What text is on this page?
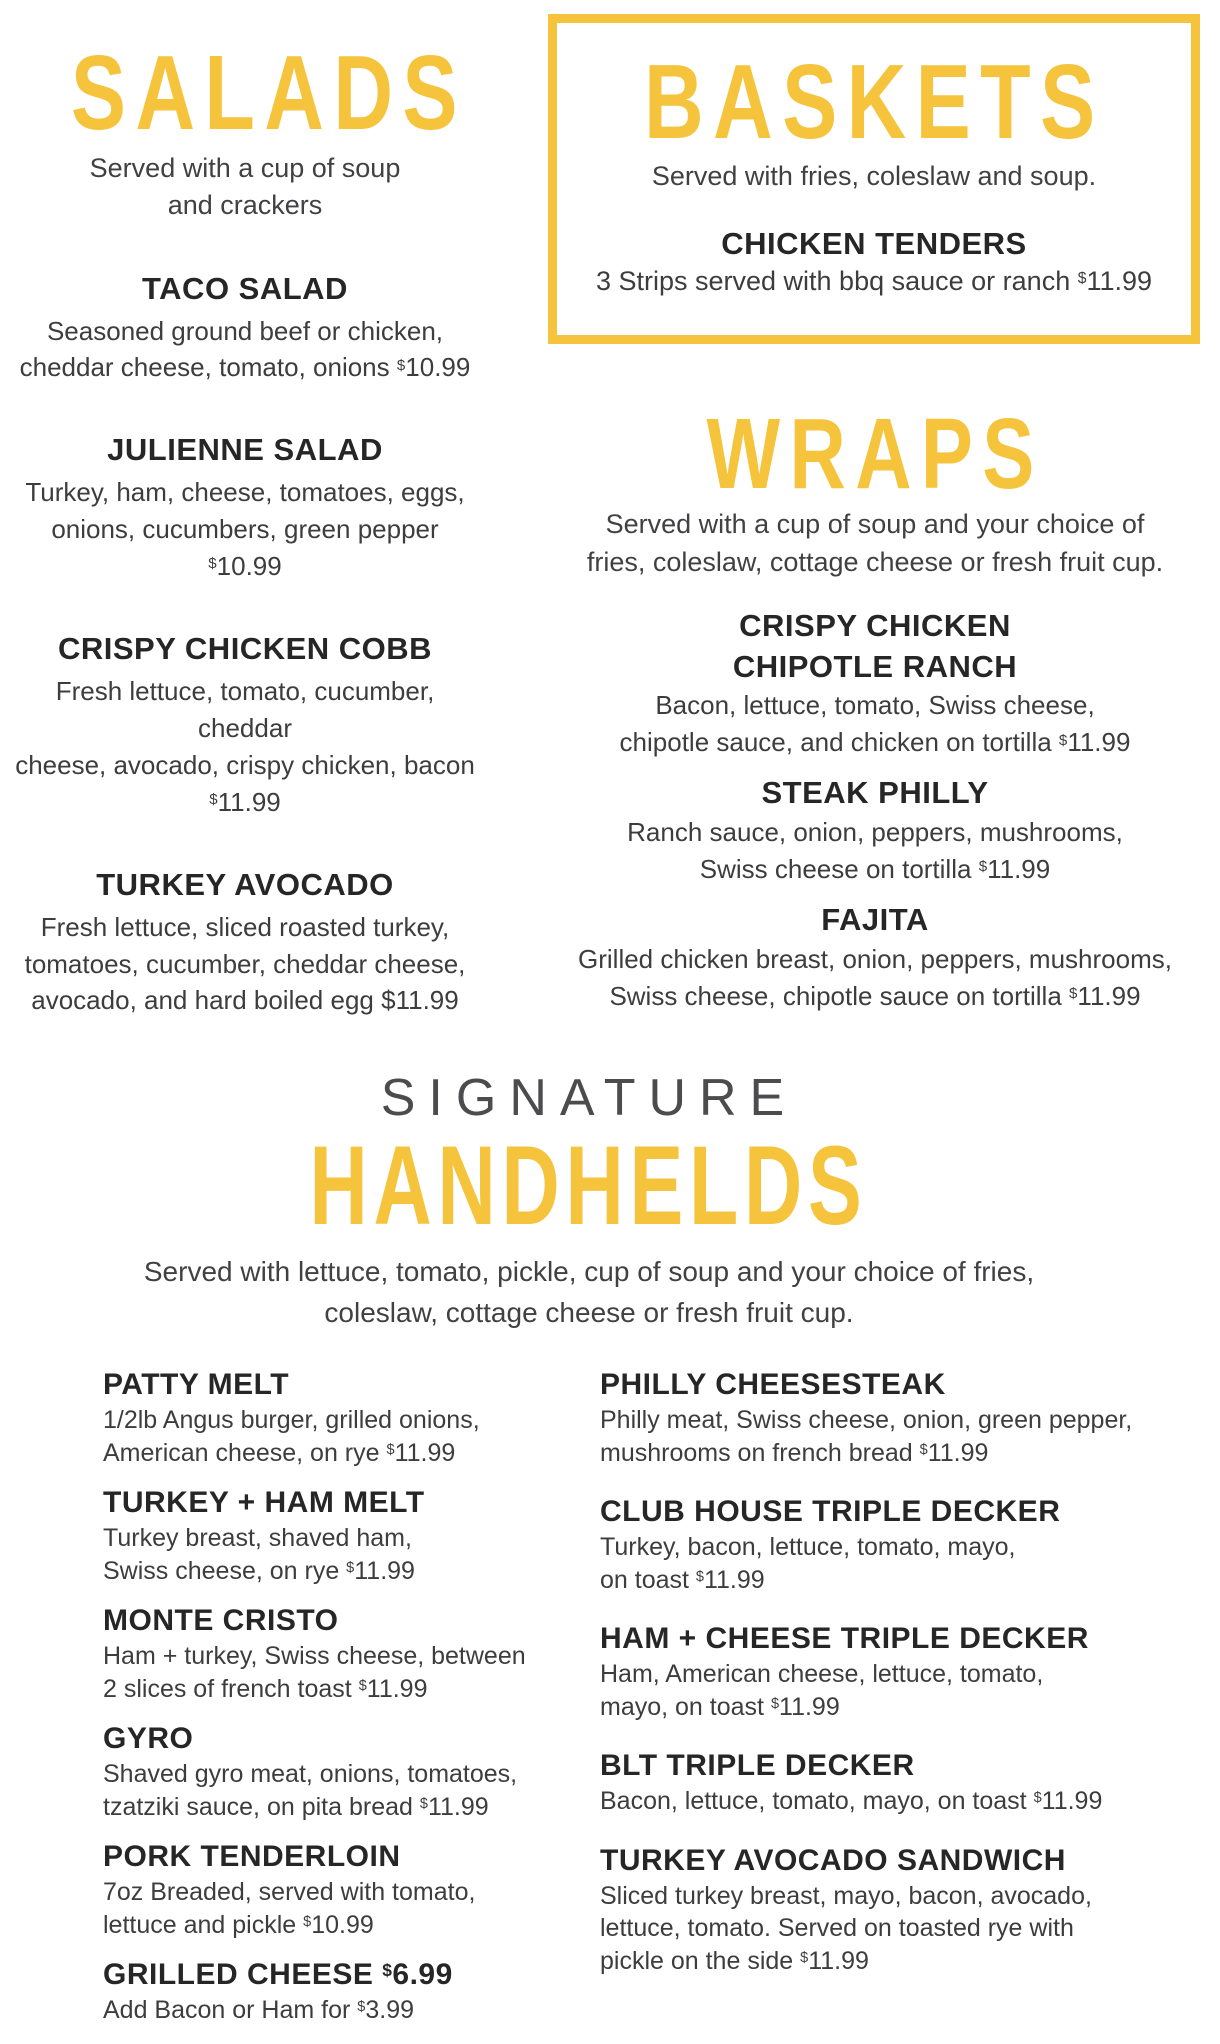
SALADS
Served with a cup of soup
and crackers
TACO SALAD
Seasoned ground beef or chicken,
cheddar cheese, tomato, onions $10.99
JULIENNE SALAD
Turkey, ham, cheese, tomatoes, eggs,
onions, cucumbers, green pepper $10.99
CRISPY CHICKEN COBB
Fresh lettuce, tomato, cucumber, cheddar
cheese, avocado, crispy chicken, bacon $11.99
TURKEY AVOCADO
Fresh lettuce, sliced roasted turkey,
tomatoes, cucumber, cheddar cheese,
avocado, and hard boiled egg $11.99
BASKETS
Served with fries, coleslaw and soup.
CHICKEN TENDERS
3 Strips served with bbq sauce or ranch $11.99
WRAPS
Served with a cup of soup and your choice of
fries, coleslaw, cottage cheese or fresh fruit cup.
CRISPY CHICKEN
CHIPOTLE RANCH
Bacon, lettuce, tomato, Swiss cheese,
chipotle sauce, and chicken on tortilla $11.99
STEAK PHILLY
Ranch sauce, onion, peppers, mushrooms,
Swiss cheese on tortilla $11.99
FAJITA
Grilled chicken breast, onion, peppers, mushrooms,
Swiss cheese, chipotle sauce on tortilla $11.99
SIGNATURE
HANDHELDS
Served with lettuce, tomato, pickle, cup of soup and your choice of fries,
coleslaw, cottage cheese or fresh fruit cup.
PATTY MELT
1/2lb Angus burger, grilled onions,
American cheese, on rye $11.99
TURKEY + HAM MELT
Turkey breast, shaved ham,
Swiss cheese, on rye $11.99
MONTE CRISTO
Ham + turkey, Swiss cheese, between
2 slices of french toast $11.99
GYRO
Shaved gyro meat, onions, tomatoes,
tzatziki sauce, on pita bread $11.99
PORK TENDERLOIN
7oz Breaded, served with tomato,
lettuce and pickle $10.99
GRILLED CHEESE $6.99
Add Bacon or Ham for $3.99
PHILLY CHEESESTEAK
Philly meat, Swiss cheese, onion, green pepper,
mushrooms on french bread $11.99
CLUB HOUSE TRIPLE DECKER
Turkey, bacon, lettuce, tomato, mayo,
on toast $11.99
HAM + CHEESE TRIPLE DECKER
Ham, American cheese, lettuce, tomato,
mayo, on toast $11.99
BLT TRIPLE DECKER
Bacon, lettuce, tomato, mayo, on toast $11.99
TURKEY AVOCADO SANDWICH
Sliced turkey breast, mayo, bacon, avocado,
lettuce, tomato. Served on toasted rye with
pickle on the side $11.99
